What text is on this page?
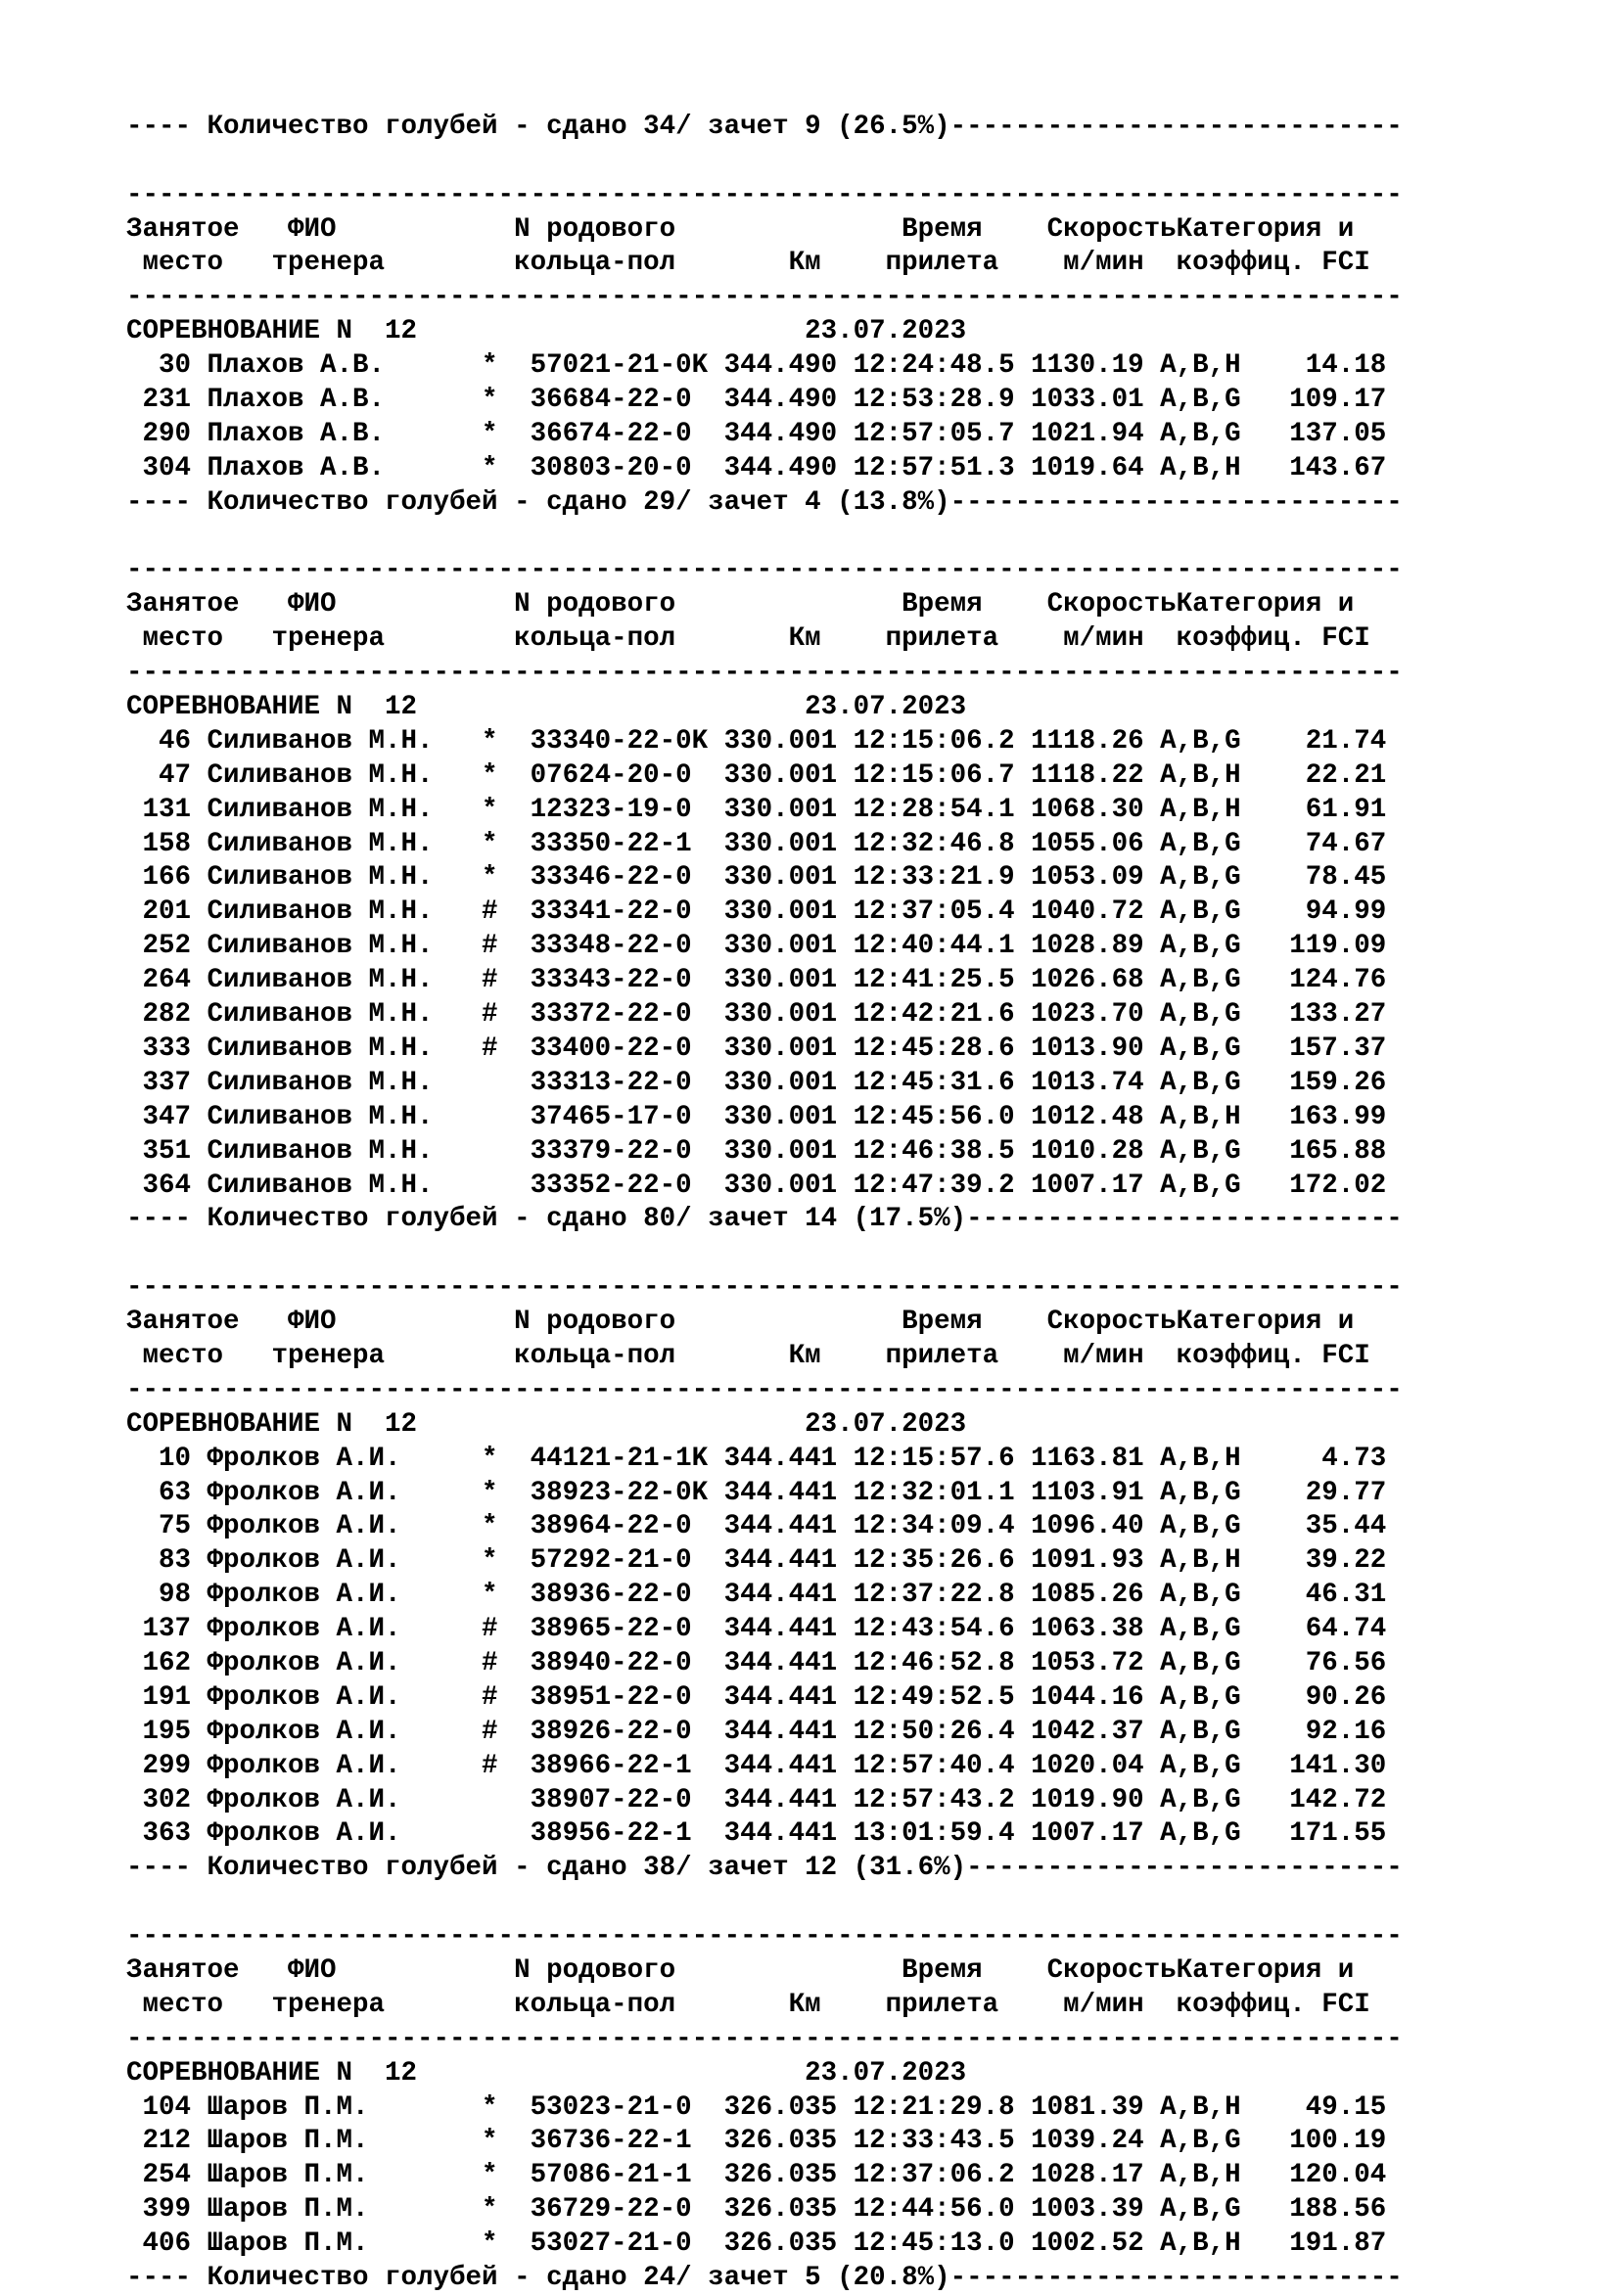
---- Количество голубей - сдано 34/ зачет 9 (26.5%)----------------------------
-------------------------------------------------------------------------------
Занятое   ФИО           N родового              Время    СкоростьКатегория и
место   тренера        кольца-пол       Км    прилета    м/мин  коэффиц. FCI
-------------------------------------------------------------------------------
СОРЕВНОВАНИЕ N  12                        23.07.2023
30 Плахов А.В.      *  57021-21-0K 344.490 12:24:48.5 1130.19 A,B,H    14.18
231 Плахов А.В.      *  36684-22-0  344.490 12:53:28.9 1033.01 A,B,G   109.17
290 Плахов А.В.      *  36674-22-0  344.490 12:57:05.7 1021.94 A,B,G   137.05
304 Плахов А.В.      *  30803-20-0  344.490 12:57:51.3 1019.64 A,B,H   143.67
---- Количество голубей - сдано 29/ зачет 4 (13.8%)----------------------------
-------------------------------------------------------------------------------
Занятое   ФИО           N родового              Время    СкоростьКатегория и
место   тренера        кольца-пол       Км    прилета    м/мин  коэффиц. FCI
-------------------------------------------------------------------------------
СОРЕВНОВАНИЕ N  12                        23.07.2023
46 Силиванов М.Н.   *  33340-22-0K 330.001 12:15:06.2 1118.26 A,B,G    21.74
47 Силиванов М.Н.   *  07624-20-0  330.001 12:15:06.7 1118.22 A,B,H    22.21
131 Силиванов М.Н.   *  12323-19-0  330.001 12:28:54.1 1068.30 A,B,H    61.91
158 Силиванов М.Н.   *  33350-22-1  330.001 12:32:46.8 1055.06 A,B,G    74.67
166 Силиванов М.Н.   *  33346-22-0  330.001 12:33:21.9 1053.09 A,B,G    78.45
201 Силиванов М.Н.   #  33341-22-0  330.001 12:37:05.4 1040.72 A,B,G    94.99
252 Силиванов М.Н.   #  33348-22-0  330.001 12:40:44.1 1028.89 A,B,G   119.09
264 Силиванов М.Н.   #  33343-22-0  330.001 12:41:25.5 1026.68 A,B,G   124.76
282 Силиванов М.Н.   #  33372-22-0  330.001 12:42:21.6 1023.70 A,B,G   133.27
333 Силиванов М.Н.   #  33400-22-0  330.001 12:45:28.6 1013.90 A,B,G   157.37
337 Силиванов М.Н.      33313-22-0  330.001 12:45:31.6 1013.74 A,B,G   159.26
347 Силиванов М.Н.      37465-17-0  330.001 12:45:56.0 1012.48 A,B,H   163.99
351 Силиванов М.Н.      33379-22-0  330.001 12:46:38.5 1010.28 A,B,G   165.88
364 Силиванов М.Н.      33352-22-0  330.001 12:47:39.2 1007.17 A,B,G   172.02
---- Количество голубей - сдано 80/ зачет 14 (17.5%)---------------------------
-------------------------------------------------------------------------------
Занятое   ФИО           N родового              Время    СкоростьКатегория и
место   тренера        кольца-пол       Км    прилета    м/мин  коэффиц. FCI
-------------------------------------------------------------------------------
СОРЕВНОВАНИЕ N  12                        23.07.2023
10 Фролков А.И.     *  44121-21-1K 344.441 12:15:57.6 1163.81 A,B,H     4.73
63 Фролков А.И.     *  38923-22-0K 344.441 12:32:01.1 1103.91 A,B,G    29.77
75 Фролков А.И.     *  38964-22-0  344.441 12:34:09.4 1096.40 A,B,G    35.44
83 Фролков А.И.     *  57292-21-0  344.441 12:35:26.6 1091.93 A,B,H    39.22
98 Фролков А.И.     *  38936-22-0  344.441 12:37:22.8 1085.26 A,B,G    46.31
137 Фролков А.И.     #  38965-22-0  344.441 12:43:54.6 1063.38 A,B,G    64.74
162 Фролков А.И.     #  38940-22-0  344.441 12:46:52.8 1053.72 A,B,G    76.56
191 Фролков А.И.     #  38951-22-0  344.441 12:49:52.5 1044.16 A,B,G    90.26
195 Фролков А.И.     #  38926-22-0  344.441 12:50:26.4 1042.37 A,B,G    92.16
299 Фролков А.И.     #  38966-22-1  344.441 12:57:40.4 1020.04 A,B,G   141.30
302 Фролков А.И.        38907-22-0  344.441 12:57:43.2 1019.90 A,B,G   142.72
363 Фролков А.И.        38956-22-1  344.441 13:01:59.4 1007.17 A,B,G   171.55
---- Количество голубей - сдано 38/ зачет 12 (31.6%)---------------------------
-------------------------------------------------------------------------------
Занятое   ФИО           N родового              Время    СкоростьКатегория и
место   тренера        кольца-пол       Км    прилета    м/мин  коэффиц. FCI
-------------------------------------------------------------------------------
СОРЕВНОВАНИЕ N  12                        23.07.2023
104 Шаров П.М.       *  53023-21-0  326.035 12:21:29.8 1081.39 A,B,H    49.15
212 Шаров П.М.       *  36736-22-1  326.035 12:33:43.5 1039.24 A,B,G   100.19
254 Шаров П.М.       *  57086-21-1  326.035 12:37:06.2 1028.17 A,B,H   120.04
399 Шаров П.М.       *  36729-22-0  326.035 12:44:56.0 1003.39 A,B,G   188.56
406 Шаров П.М.       *  53027-21-0  326.035 12:45:13.0 1002.52 A,B,H   191.87
---- Количество голубей - сдано 24/ зачет 5 (20.8%)----------------------------
